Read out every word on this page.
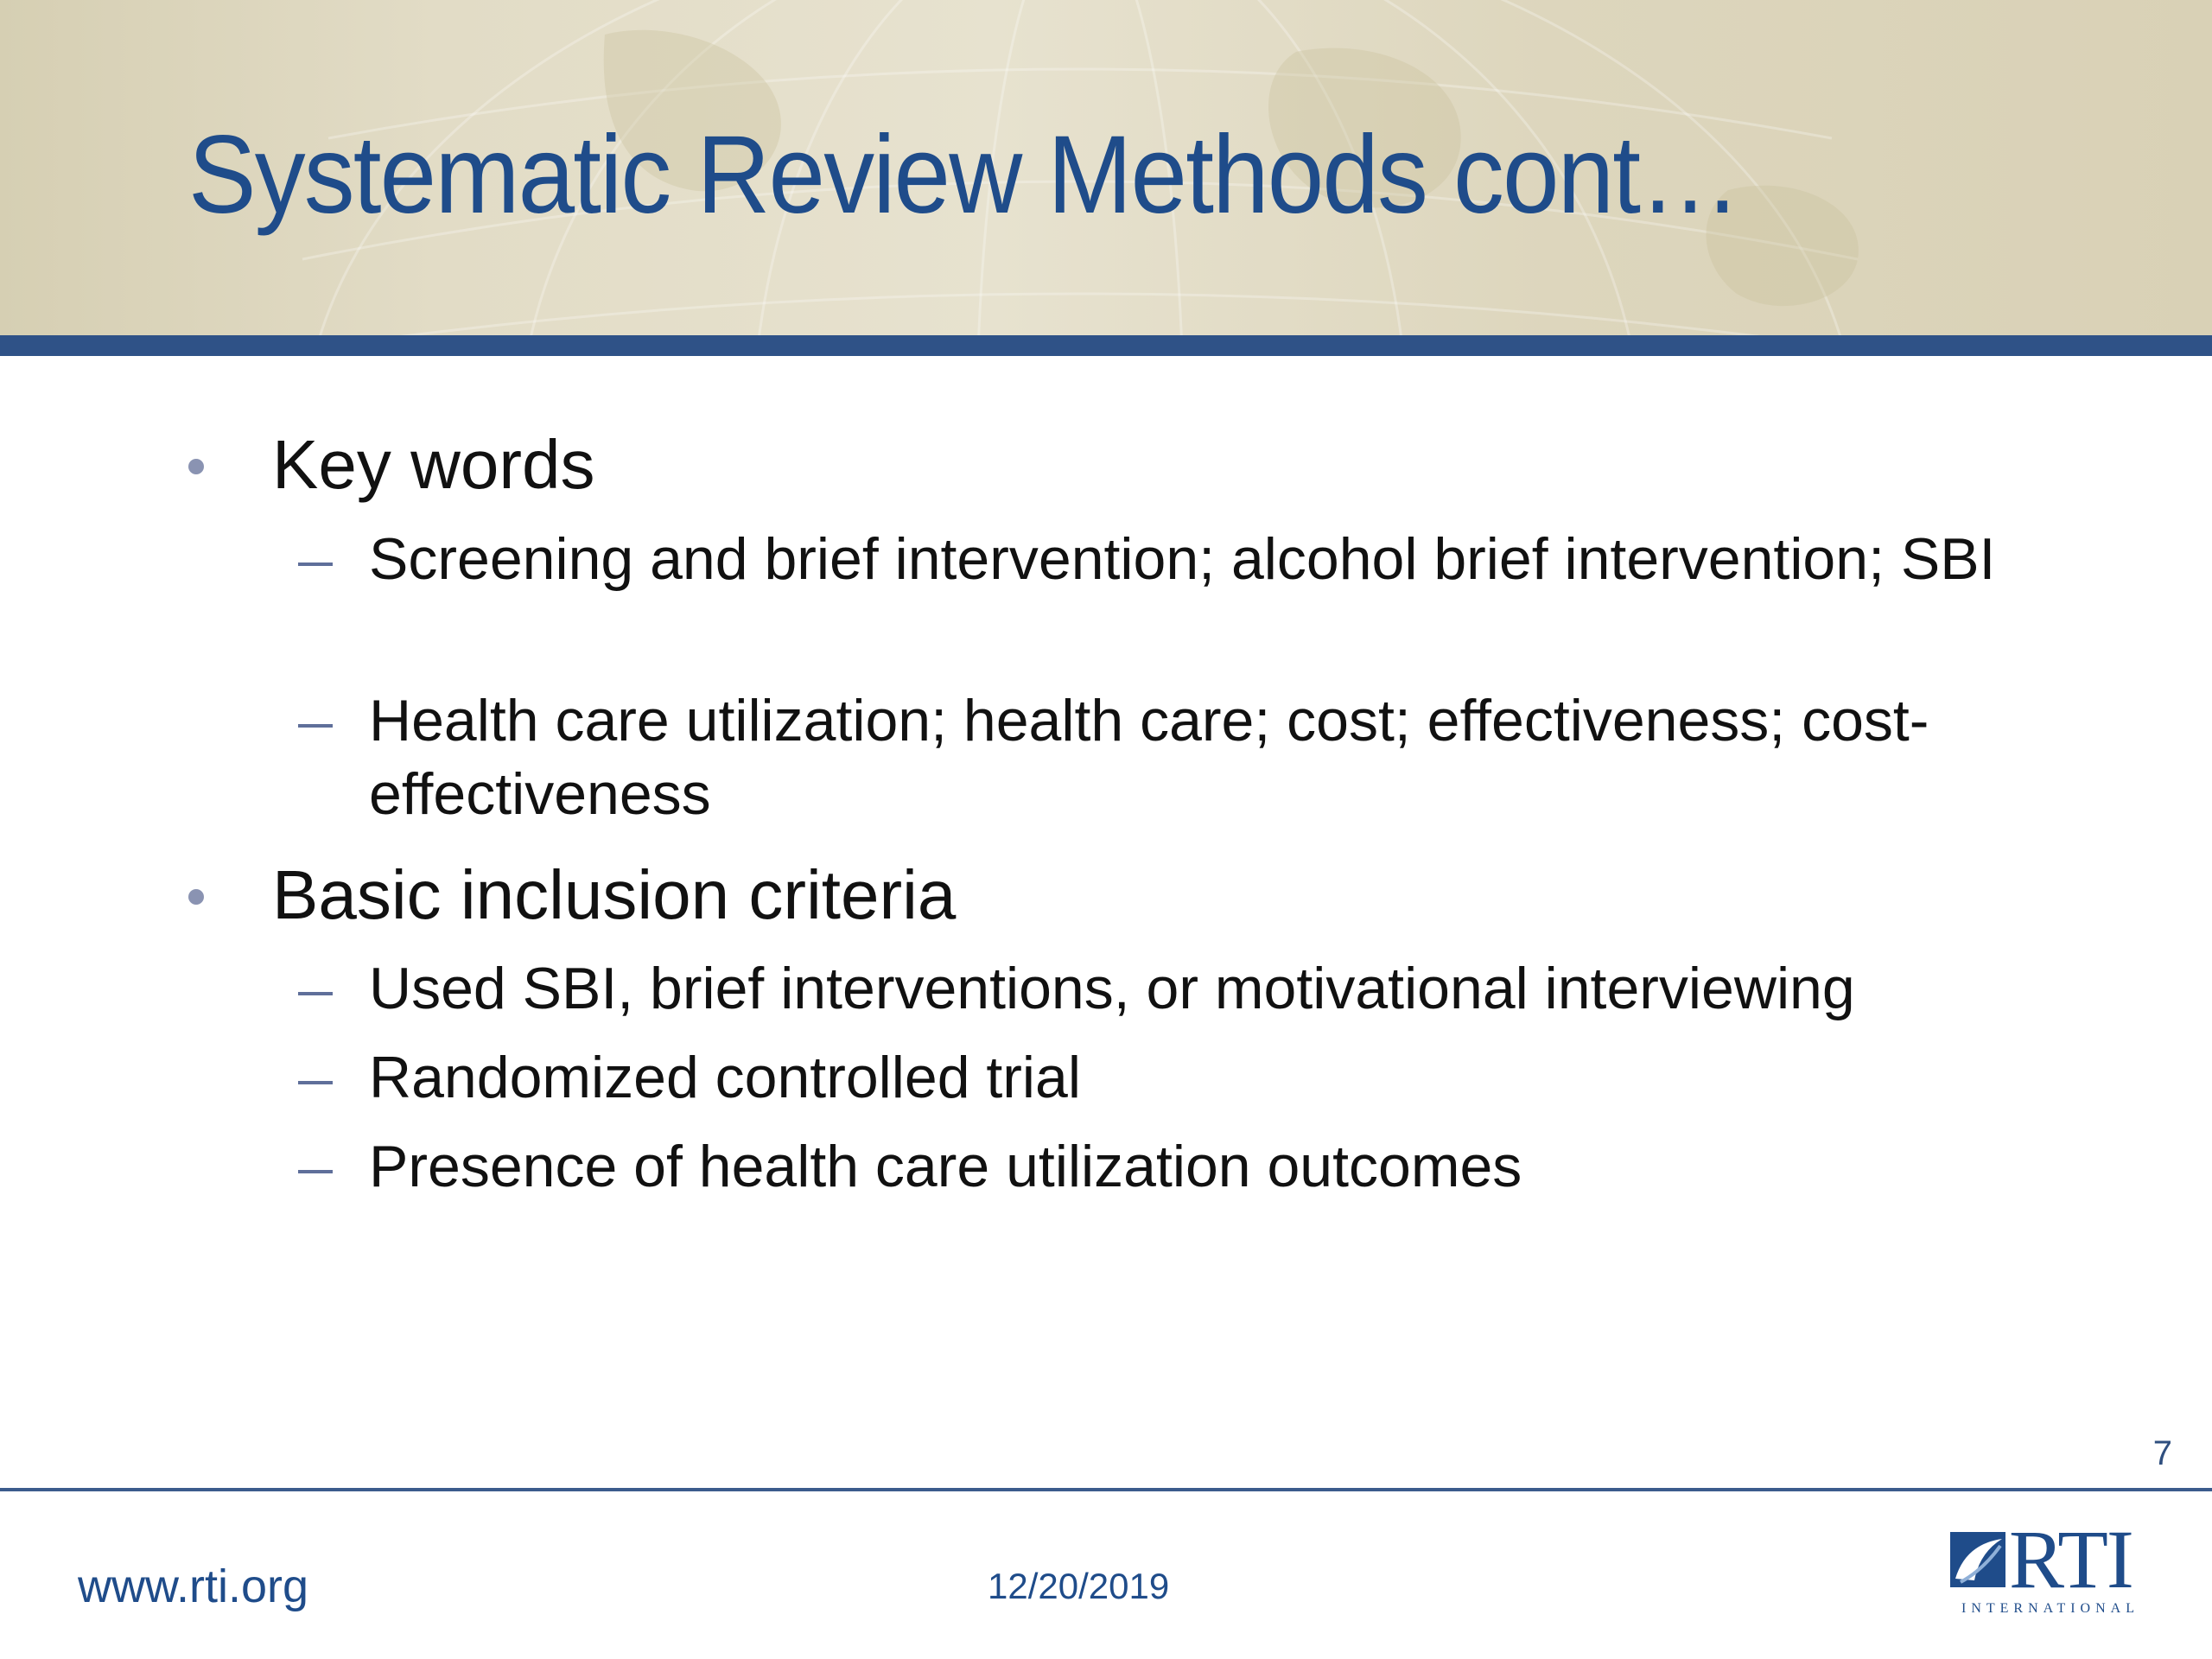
Systematic Review Methods cont…
Key words
Screening and brief intervention; alcohol brief intervention; SBI
Health care utilization; health care; cost; effectiveness; cost-effectiveness
Basic inclusion criteria
Used SBI, brief interventions, or motivational interviewing
Randomized controlled trial
Presence of health care utilization outcomes
7
www.rti.org	12/20/2019	RTI
INTERNATIONAL
